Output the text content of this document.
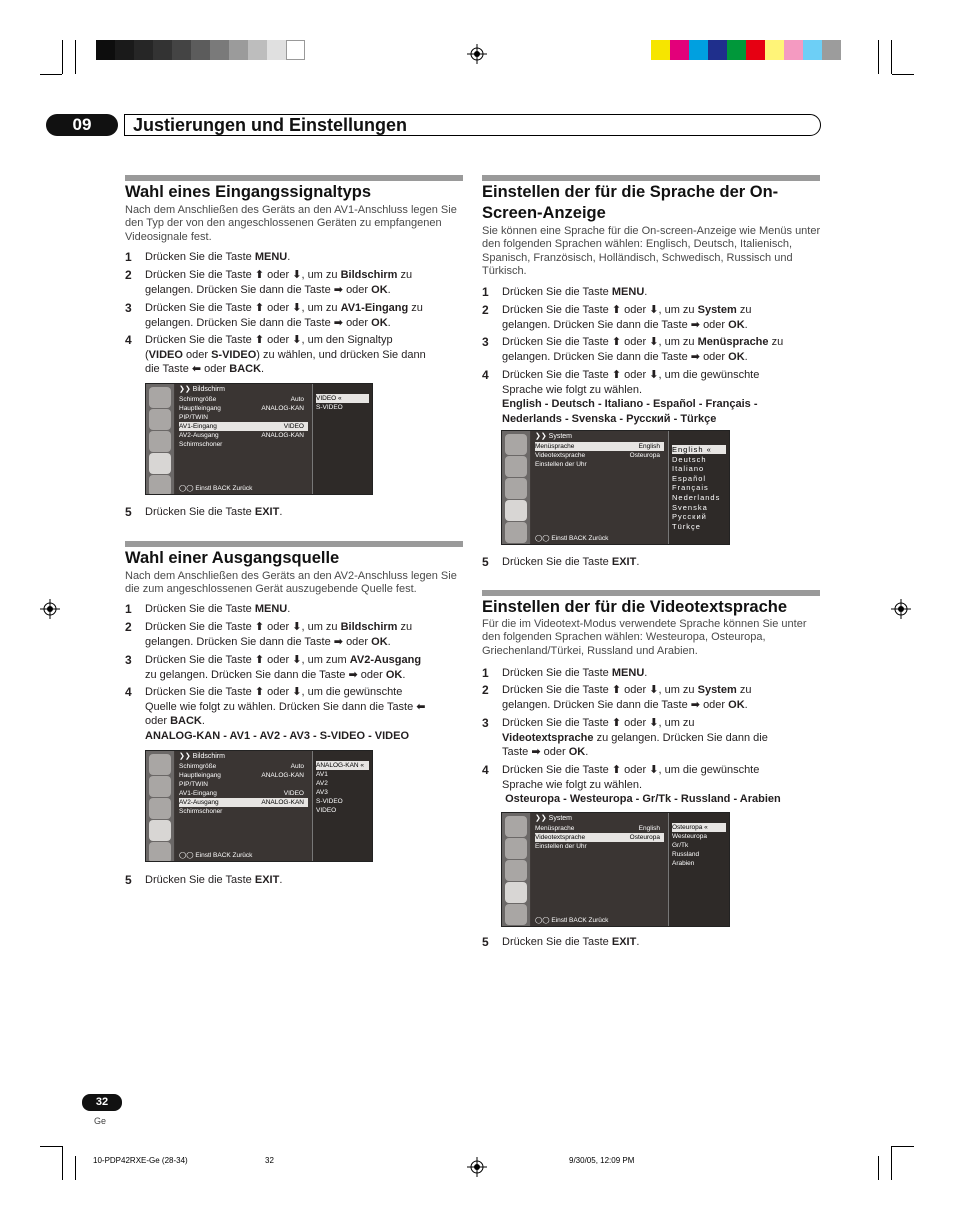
09	Justierungen und Einstellungen
Wahl eines Eingangssignaltyps
Nach dem Anschließen des Geräts an den AV1-Anschluss legen Sie den Typ der von den angeschlossenen Geräten zu empfangenen Videosignale fest.
1 Drücken Sie die Taste MENU.
2 Drücken Sie die Taste ⬆ oder ⬇, um zu Bildschirm zu
gelangen. Drücken Sie dann die Taste ➡ oder OK.
3 Drücken Sie die Taste ⬆ oder ⬇, um zu AV1-Eingang zu
gelangen. Drücken Sie dann die Taste ➡ oder OK.
4 Drücken Sie die Taste ⬆ oder ⬇, um den Signaltyp
(VIDEO oder S-VIDEO) zu wählen, und drücken Sie dann
die Taste ⬅ oder BACK.
❯❯ Bildschirm
Schirmgröße	Auto
Hauptleingang	ANALOG-KAN
PIP/TWIN
AV1-Eingang	VIDEO
AV2-Ausgang	ANALOG-KAN
Schirmschoner
◯◯ Einstl BACK Zurück
VIDEO «
S-VIDEO
5 Drücken Sie die Taste EXIT.
Wahl einer Ausgangsquelle
Nach dem Anschließen des Geräts an den AV2-Anschluss legen Sie die zum angeschlossenen Gerät auszugebende Quelle fest.
1 Drücken Sie die Taste MENU.
2 Drücken Sie die Taste ⬆ oder ⬇, um zu Bildschirm zu
gelangen. Drücken Sie dann die Taste ➡ oder OK.
3 Drücken Sie die Taste ⬆ oder ⬇, um zum AV2-Ausgang
zu gelangen. Drücken Sie dann die Taste ➡ oder OK.
4 Drücken Sie die Taste ⬆ oder ⬇, um die gewünschte
Quelle wie folgt zu wählen. Drücken Sie dann die Taste ⬅
oder BACK.
ANALOG-KAN - AV1 - AV2 - AV3 - S-VIDEO - VIDEO
❯❯ Bildschirm
Schirmgröße	Auto
Hauptleingang	ANALOG-KAN
PIP/TWIN
AV1-Eingang	VIDEO
AV2-Ausgang	ANALOG-KAN
Schirmschoner
◯◯ Einstl BACK Zurück
ANALOG-KAN «
AV1
AV2
AV3
S-VIDEO
VIDEO
5 Drücken Sie die Taste EXIT.
Einstellen der für die Sprache der On-
Screen-Anzeige
Sie können eine Sprache für die On-screen-Anzeige wie Menüs unter den folgenden Sprachen wählen: Englisch, Deutsch, Italienisch, Spanisch, Französisch, Holländisch, Schwedisch, Russisch und Türkisch.
1 Drücken Sie die Taste MENU.
2 Drücken Sie die Taste ⬆ oder ⬇, um zu System zu
gelangen. Drücken Sie dann die Taste ➡ oder OK.
3 Drücken Sie die Taste ⬆ oder ⬇, um zu Menüsprache zu
gelangen. Drücken Sie dann die Taste ➡ oder OK.
4 Drücken Sie die Taste ⬆ oder ⬇, um die gewünschte
Sprache wie folgt zu wählen.
English - Deutsch - Italiano - Español - Français -
Nederlands - Svenska - Русский - Türkçe
❯❯ System
Menüsprache	English
Videotextsprache	Osteuropa
Einstellen der Uhr
◯◯ Einstl BACK Zurück
English «
Deutsch
Italiano
Español
Français
Nederlands
Svenska
Русский
Türkçe
5 Drücken Sie die Taste EXIT.
Einstellen der für die Videotextsprache
Für die im Videotext-Modus verwendete Sprache können Sie unter den folgenden Sprachen wählen: Westeuropa, Osteuropa, Griechenland/Türkei, Russland und Arabien.
1 Drücken Sie die Taste MENU.
2 Drücken Sie die Taste ⬆ oder ⬇, um zu System zu
gelangen. Drücken Sie dann die Taste ➡ oder OK.
3 Drücken Sie die Taste ⬆ oder ⬇, um zu
Videotextsprache zu gelangen. Drücken Sie dann die
Taste ➡ oder OK.
4 Drücken Sie die Taste ⬆ oder ⬇, um die gewünschte
Sprache wie folgt zu wählen.
Osteuropa - Westeuropa - Gr/Tk - Russland - Arabien
❯❯ System
Menüsprache	English
Videotextsprache	Osteuropa
Einstellen der Uhr
◯◯ Einstl BACK Zurück
Osteuropa «
Westeuropa
Gr/Tk
Russland
Arabien
5 Drücken Sie die Taste EXIT.
32
Ge
10-PDP42RXE-Ge (28-34)	32	9/30/05, 12:09 PM
